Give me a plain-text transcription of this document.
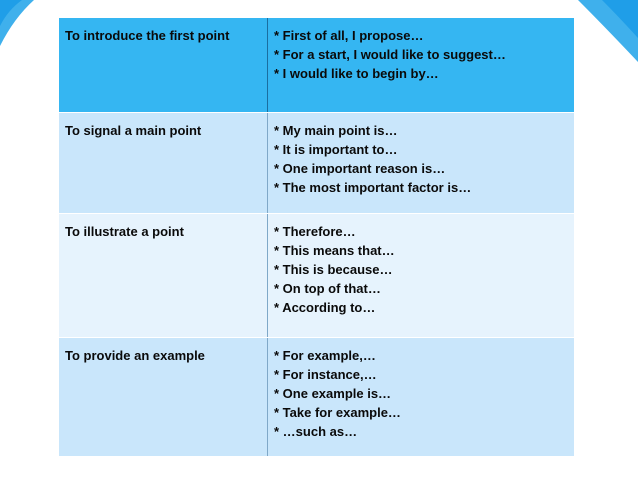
To introduce the first point	* First of all, I propose…
* For a start, I would like to suggest…
* I would like to begin by…

To signal a main point	* My main point is…
* It is important to…
* One important reason is…
* The most important factor is…

To illustrate a point	* Therefore…
* This means that…
* This is because…
* On top of that…
* According to…

To provide an example	* For example,…
* For instance,…
* One example is…
* Take for example…
* …such as…
